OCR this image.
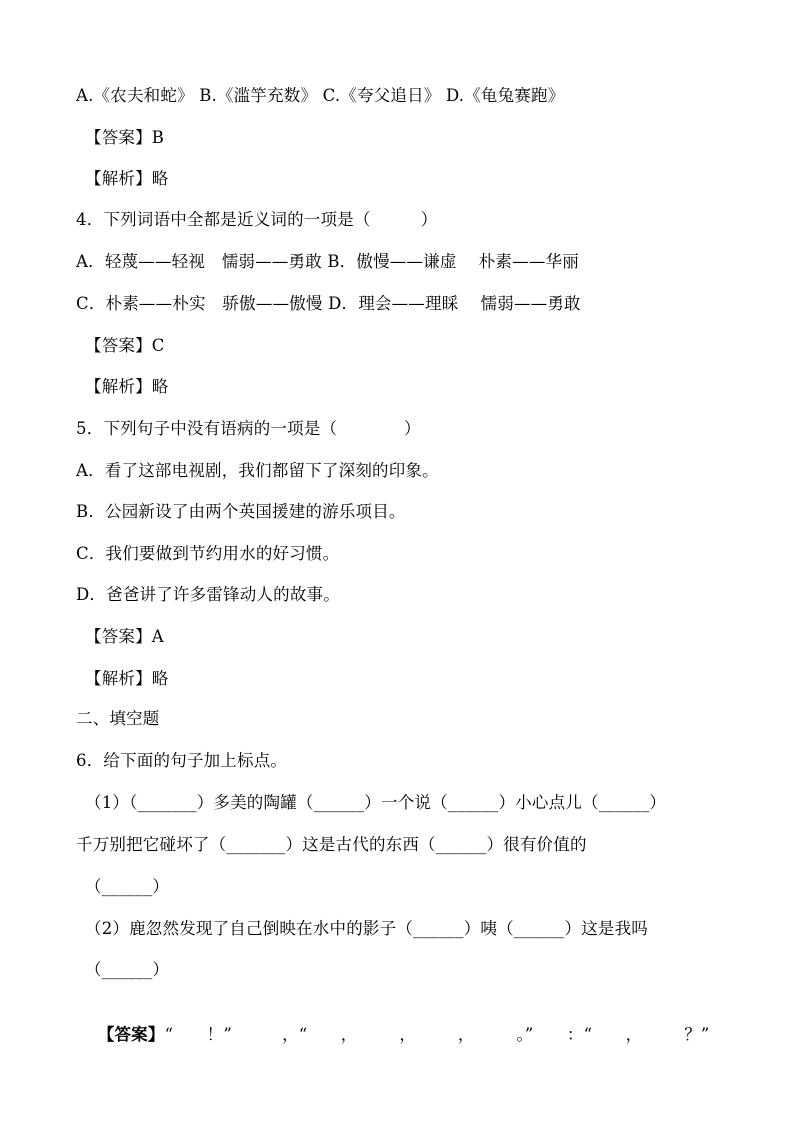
A.《农夫和蛇》 B.《滥竽充数》 C.《夸父追日》 D.《龟兔赛跑》
【答案】B
【解析】略
4．下列词语中全都是近义词的一项是（　　　）
A．轻蔑——轻视　懦弱——勇敢 B．傲慢——谦虚　 朴素——华丽
C．朴素——朴实　骄傲——傲慢 D．理会——理睬　 懦弱——勇敢
【答案】C
【解析】略
5．下列句子中没有语病的一项是（　　　　）
A．看了这部电视剧，我们都留下了深刻的印象。
B．公园新设了由两个英国援建的游乐项目。
C．我们要做到节约用水的好习惯。
D．爸爸讲了许多雷锋动人的故事。
【答案】A
【解析】略
二、填空题
6．给下面的句子加上标点。
（1）（_______）多美的陶罐（______）一个说（______）小心点儿（______）
千万别把它碰坏了（_______）这是古代的东西（______）很有价值的
（______）
（2）鹿忽然发现了自己倒映在水中的影子（______）咦（______）这是我吗
（______）

【答案】“　　！”　　　，“　　，　　　，　　　，　　　。”　　：“　　，　　　？”
